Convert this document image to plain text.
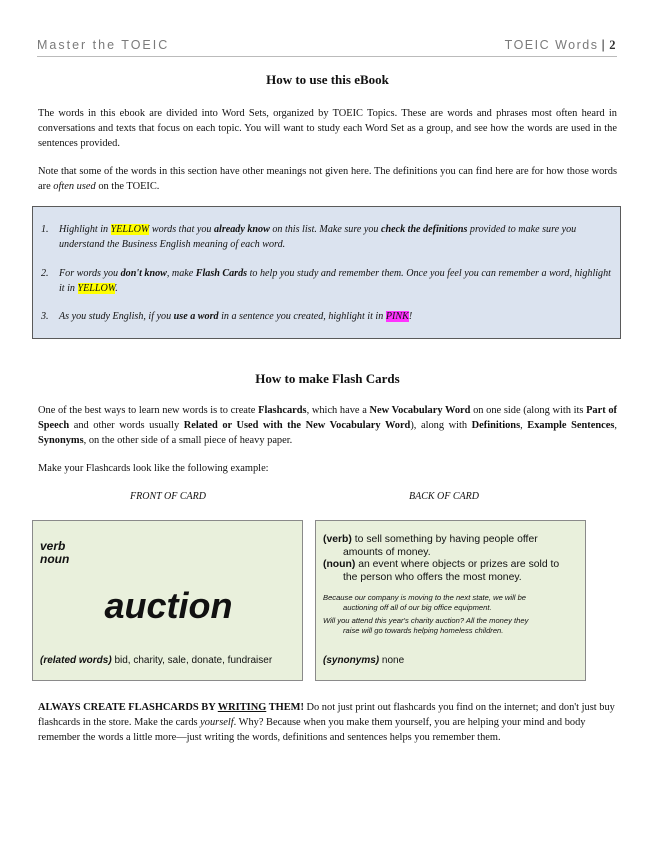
Master the TOEIC	TOEIC Words | 2
How to use this eBook
The words in this ebook are divided into Word Sets, organized by TOEIC Topics. These are words and phrases most often heard in conversations and texts that focus on each topic. You will want to study each Word Set as a group, and see how the words are used in the sentences provided.
Note that some of the words in this section have other meanings not given here. The definitions you can find here are for how those words are often used on the TOEIC.
1. Highlight in YELLOW words that you already know on this list. Make sure you check the definitions provided to make sure you understand the Business English meaning of each word.
2. For words you don't know, make Flash Cards to help you study and remember them. Once you feel you can remember a word, highlight it in YELLOW.
3. As you study English, if you use a word in a sentence you created, highlight it in PINK!
How to make Flash Cards
One of the best ways to learn new words is to create Flashcards, which have a New Vocabulary Word on one side (along with its Part of Speech and other words usually Related or Used with the New Vocabulary Word), along with Definitions, Example Sentences, Synonyms, on the other side of a small piece of heavy paper.
Make your Flashcards look like the following example:
FRONT OF CARD	BACK OF CARD
verb
noun
auction
(related words) bid, charity, sale, donate, fundraiser
(verb) to sell something by having people offer
amounts of money.
(noun) an event where objects or prizes are sold to
the person who offers the most money.
Because our company is moving to the next state, we will be
auctioning off all of our big office equipment.
Will you attend this year's charity auction? All the money they
raise will go towards helping homeless children.
(synonyms) none
ALWAYS CREATE FLASHCARDS BY WRITING THEM! Do not just print out flashcards you find on the internet; and don't just buy flashcards in the store. Make the cards yourself. Why? Because when you make them yourself, you are helping your mind and body remember the words a little more—just writing the words, definitions and sentences helps you remember them.
